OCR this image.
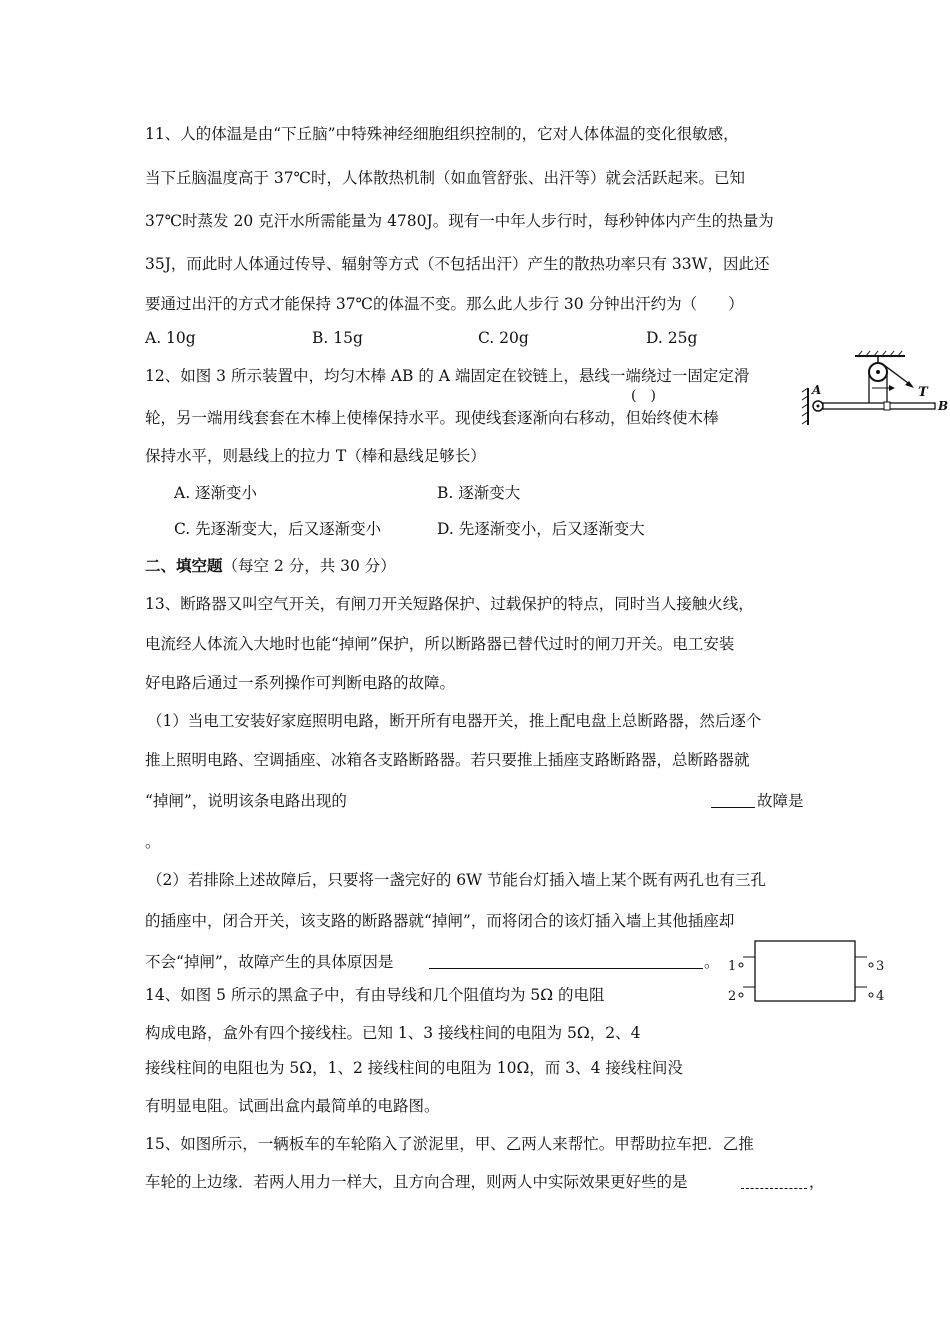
11、人的体温是由“下丘脑”中特殊神经细胞组织控制的，它对人体体温的变化很敏感，
当下丘脑温度高于 37℃时，人体散热机制（如血管舒张、出汗等）就会活跃起来。已知
37℃时蒸发 20 克汗水所需能量为 4780J。现有一中年人步行时，每秒钟体内产生的热量为
35J，而此时人体通过传导、辐射等方式（不包括出汗）产生的散热功率只有 33W，因此还
要通过出汗的方式才能保持 37℃的体温不变。那么此人步行 30 分钟出汗约为（　　）
A. 10g	B. 15g	C. 20g	D. 25g
12、如图 3 所示装置中，均匀木棒 AB 的 A 端固定在铰链上，悬线一端绕过一固定定滑
轮，另一端用线套套在木棒上使棒保持水平。现使线套逐渐向右移动，但始终使木棒
(　)
保持水平，则悬线上的拉力 T（棒和悬线足够长）
A. 逐渐变小	B. 逐渐变大
C. 先逐渐变大，后又逐渐变小	D. 先逐渐变小，后又逐渐变大
T
A
B
二、填空题（每空 2 分，共 30 分）
13、断路器又叫空气开关，有闸刀开关短路保护、过载保护的特点，同时当人接触火线，
电流经人体流入大地时也能“掉闸”保护，所以断路器已替代过时的闸刀开关。电工安装
好电路后通过一系列操作可判断电路的故障。
（1）当电工安装好家庭照明电路，断开所有电器开关，推上配电盘上总断路器，然后逐个
推上照明电路、空调插座、冰箱各支路断路器。若只要推上插座支路断路器，总断路器就
“掉闸”，说明该条电路出现的	故障是
。
（2）若排除上述故障后，只要将一盏完好的 6W 节能台灯插入墙上某个既有两孔也有三孔
的插座中，闭合开关，该支路的断路器就“掉闸”，而将闭合的该灯插入墙上其他插座却
不会“掉闸”，故障产生的具体原因是	。 1
2
3
4
14、如图 5 所示的黑盒子中，有由导线和几个阻值均为 5Ω 的电阻
构成电路，盒外有四个接线柱。已知 1、3 接线柱间的电阻为 5Ω，2、4
接线柱间的电阻也为 5Ω，1、2 接线柱间的电阻为 10Ω，而 3、4 接线柱间没
有明显电阻。试画出盒内最简单的电路图。
15、如图所示，一辆板车的车轮陷入了淤泥里，甲、乙两人来帮忙。甲帮助拉车把．乙推
车轮的上边缘．若两人用力一样大，且方向合理，则两人中实际效果更好些的是	，
